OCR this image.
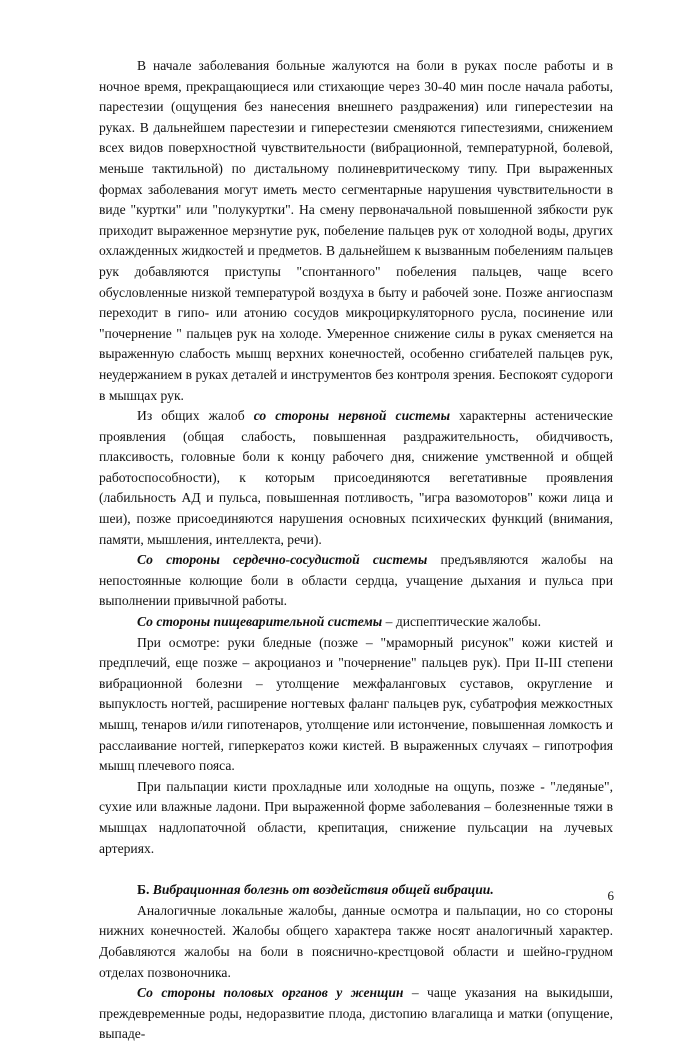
В начале заболевания больные жалуются на боли в руках после работы и в ночное время, прекращающиеся или стихающие через 30-40 мин после начала работы, парестезии (ощущения без нанесения внешнего раздражения) или гиперестезии на руках. В дальнейшем парестезии и гиперестезии сменяются гипестезиями, снижением всех видов поверхностной чувствительности (вибрационной, температурной, болевой, меньше тактильной) по дистальному полиневритическому типу. При выраженных формах заболевания могут иметь место сегментарные нарушения чувствительности в виде "куртки" или "полукуртки". На смену первоначальной повышенной зябкости рук приходит выраженное мерзнутие рук, побеление пальцев рук от холодной воды, других охлажденных жидкостей и предметов. В дальнейшем к вызванным побелениям пальцев рук добавляются приступы "спонтанного" побеления пальцев, чаще всего обусловленные низкой температурой воздуха в быту и рабочей зоне. Позже ангиоспазм переходит в гипо- или атонию сосудов микроциркуляторного русла, посинение или "почернение " пальцев рук на холоде. Умеренное снижение силы в руках сменяется на выраженную слабость мышц верхних конечностей, особенно сгибателей пальцев рук, неудержанием в руках деталей и инструментов без контроля зрения. Беспокоят судороги в мышцах рук.

Из общих жалоб со стороны нервной системы характерны астенические проявления (общая слабость, повышенная раздражительность, обидчивость, плаксивость, головные боли к концу рабочего дня, снижение умственной и общей работоспособности), к которым присоединяются вегетативные проявления (лабильность АД и пульса, повышенная потливость, "игра вазомоторов" кожи лица и шеи), позже присоединяются нарушения основных психических функций (внимания, памяти, мышления, интеллекта, речи).

Со стороны сердечно-сосудистой системы предъявляются жалобы на непостоянные колющие боли в области сердца, учащение дыхания и пульса при выполнении привычной работы.

Со стороны пищеварительной системы – диспептические жалобы.

При осмотре: руки бледные (позже – "мраморный рисунок" кожи кистей и предплечий, еще позже – акроцианоз и "почернение" пальцев рук). При II-III степени вибрационной болезни – утолщение межфаланговых суставов, округление и выпуклость ногтей, расширение ногтевых фаланг пальцев рук, субатрофия межкостных мышц, тенаров и/или гипотенаров, утолщение или истончение, повышенная ломкость и расслаивание ногтей, гиперкератоз кожи кистей. В выраженных случаях – гипотрофия мышц плечевого пояса.

При пальпации кисти прохладные или холодные на ощупь, позже - "ледяные", сухие или влажные ладони. При выраженной форме заболевания – болезненные тяжи в мышцах надлопаточной области, крепитация, снижение пульсации на лучевых артериях.

Б. Вибрационная болезнь от воздействия общей вибрации.

Аналогичные локальные жалобы, данные осмотра и пальпации, но со стороны нижних конечностей. Жалобы общего характера также носят аналогичный характер. Добавляются жалобы на боли в пояснично-крестцовой области и шейно-грудном отделах позвоночника.

Со стороны половых органов у женщин – чаще указания на выкидыши, преждевременные роды, недоразвитие плода, дистопию влагалища и матки (опущение, выпаде-

6
